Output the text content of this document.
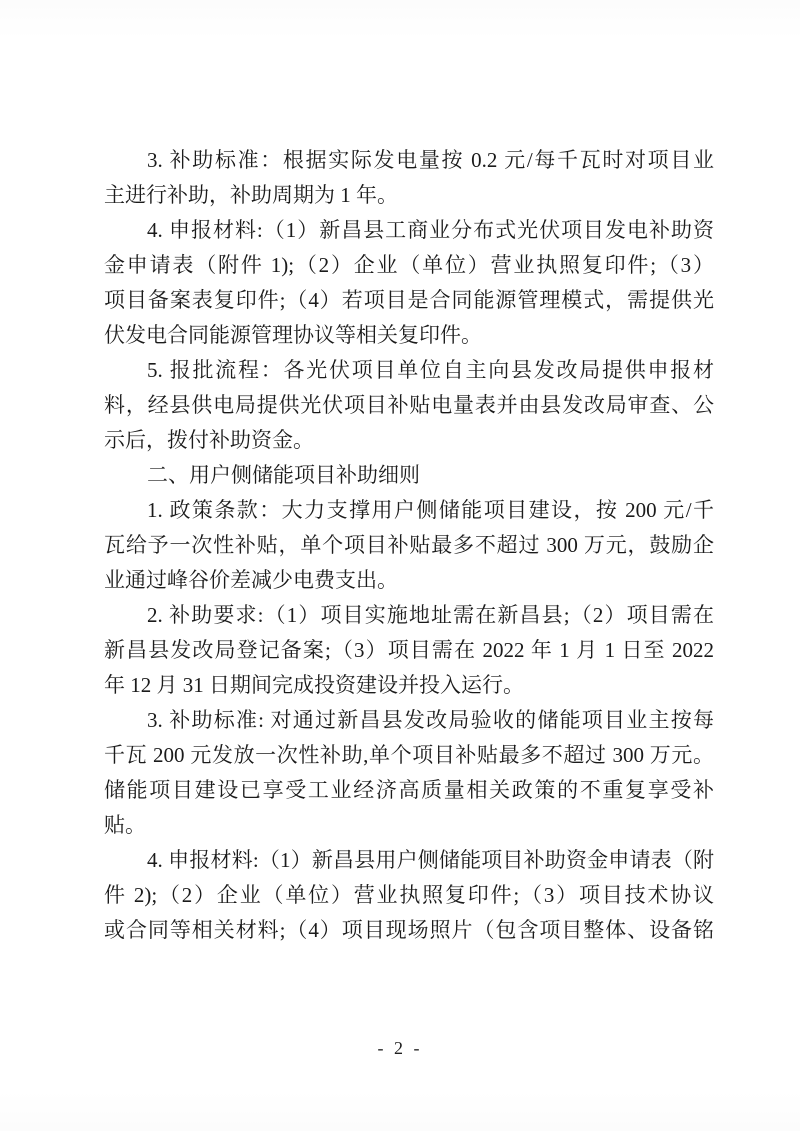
3. 补助标准：根据实际发电量按 0.2 元/每千瓦时对项目业
主进行补助，补助周期为 1 年。
4. 申报材料:（1）新昌县工商业分布式光伏项目发电补助资
金申请表（附件 1);（2）企业（单位）营业执照复印件;（3）
项目备案表复印件;（4）若项目是合同能源管理模式，需提供光
伏发电合同能源管理协议等相关复印件。
5. 报批流程：各光伏项目单位自主向县发改局提供申报材
料，经县供电局提供光伏项目补贴电量表并由县发改局审查、公
示后，拨付补助资金。
二、用户侧储能项目补助细则
1. 政策条款：大力支撑用户侧储能项目建设，按 200 元/千
瓦给予一次性补贴，单个项目补贴最多不超过 300 万元，鼓励企
业通过峰谷价差减少电费支出。
2. 补助要求:（1）项目实施地址需在新昌县;（2）项目需在
新昌县发改局登记备案;（3）项目需在 2022 年 1 月 1 日至 2022
年 12 月 31 日期间完成投资建设并投入运行。
3. 补助标准: 对通过新昌县发改局验收的储能项目业主按每
千瓦 200 元发放一次性补助,单个项目补贴最多不超过 300 万元。
储能项目建设已享受工业经济高质量相关政策的不重复享受补
贴。
4. 申报材料:（1）新昌县用户侧储能项目补助资金申请表（附
件 2);（2）企业（单位）营业执照复印件;（3）项目技术协议
或合同等相关材料;（4）项目现场照片（包含项目整体、设备铭
- 2 -
